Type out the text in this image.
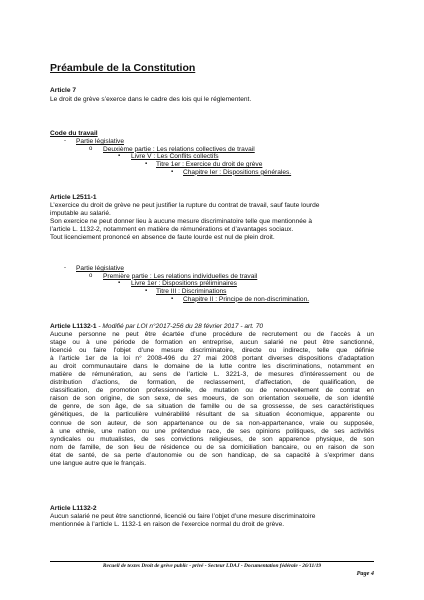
Préambule de la Constitution
Article 7
Le droit de grève s’exerce dans le cadre des lois qui le réglementent.
Code du travail
- Partie législative
o Deuxième partie : Les relations collectives de travail
▪ Livre V : Les Conflits collectifs
▪ Titre 1er : Exercice du droit de grève
▪ Chapitre Ier : Dispositions générales.
Article L2511-1
L’exercice du droit de grève ne peut justifier la rupture du contrat de travail, sauf faute lourde
imputable au salarié.
Son exercice ne peut donner lieu à aucune mesure discriminatoire telle que mentionnée à
l’article L. 1132-2, notamment en matière de rémunérations et d’avantages sociaux.
Tout licenciement prononcé en absence de faute lourde est nul de plein droit.
- Partie législative
o Première partie : Les relations individuelles de travail
▪ Livre 1er : Dispositions préliminaires
▪ Titre III : Discriminations
▪ Chapitre II : Principe de non-discrimination.
Article L1132-1 - Modifié par LOI n°2017-256 du 28 février 2017 - art. 70
Aucune personne ne peut être écartée d’une procédure de recrutement ou de l’accès à un
stage ou à une période de formation en entreprise, aucun salarié ne peut être sanctionné,
licencié ou faire l’objet d’une mesure discriminatoire, directe ou indirecte, telle que définie
à l’article 1er de la loi n° 2008-496 du 27 mai 2008 portant diverses dispositions d’adaptation
au droit communautaire dans le domaine de la lutte contre les discriminations, notamment en
matière de rémunération, au sens de l’article L. 3221-3, de mesures d’intéressement ou de
distribution d’actions, de formation, de reclassement, d’affectation, de qualification, de
classification, de promotion professionnelle, de mutation ou de renouvellement de contrat en
raison de son origine, de son sexe, de ses moeurs, de son orientation sexuelle, de son identité
de genre, de son âge, de sa situation de famille ou de sa grossesse, de ses caractéristiques
génétiques, de la particulière vulnérabilité résultant de sa situation économique, apparente ou
connue de son auteur, de son appartenance ou de sa non-appartenance, vraie ou supposée,
à une ethnie, une nation ou une prétendue race, de ses opinions politiques, de ses activités
syndicales ou mutualistes, de ses convictions religieuses, de son apparence physique, de son
nom de famille, de son lieu de résidence ou de sa domiciliation bancaire, ou en raison de son
état de santé, de sa perte d’autonomie ou de son handicap, de sa capacité à s’exprimer dans
une langue autre que le français.
Article L1132-2
Aucun salarié ne peut être sanctionné, licencié ou faire l’objet d’une mesure discriminatoire
mentionnée à l’article L. 1132-1 en raison de l’exercice normal du droit de grève.
Recueil de textes Droit de grève public - privé - Secteur LDAJ - Documentation fédérale - 26/11/19
Page 4
